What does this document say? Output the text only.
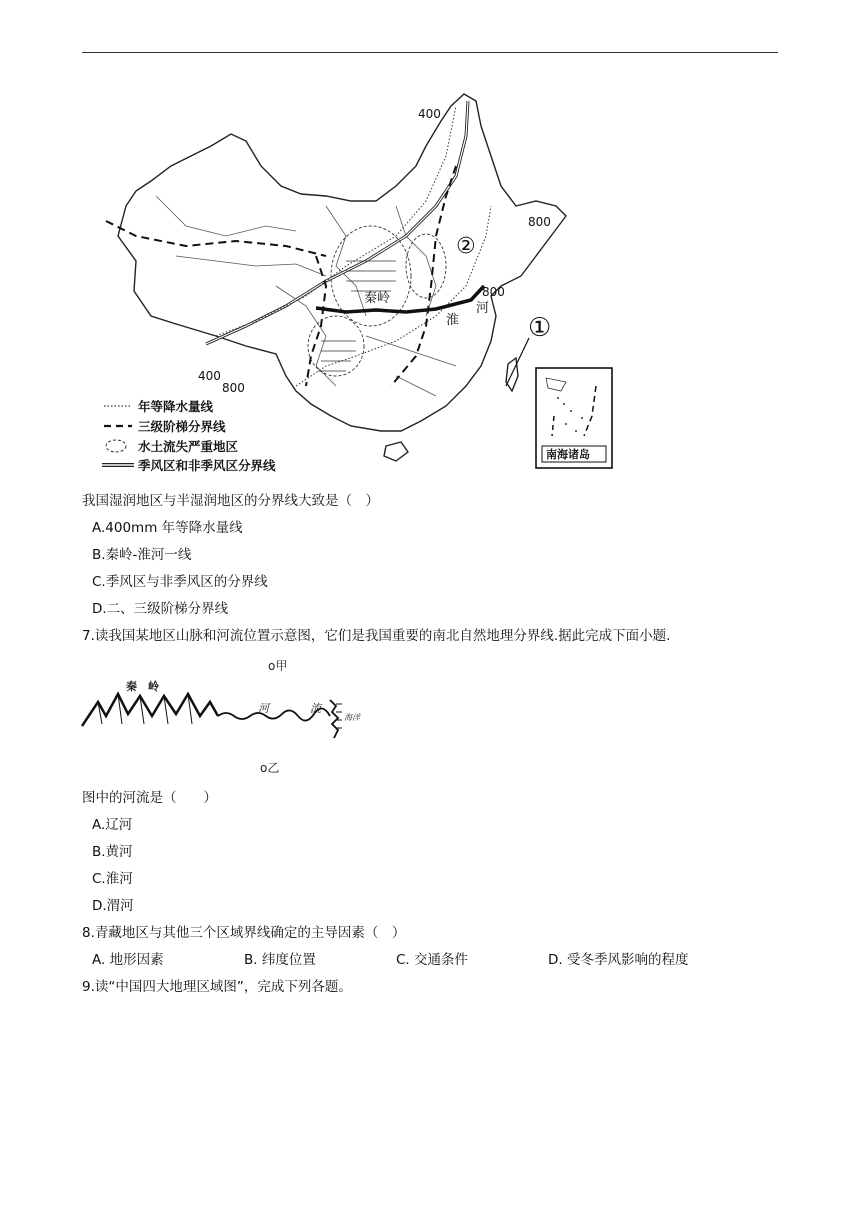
400
800
800
400
800
秦岭
淮
河
②
①
南海诸岛
年等降水量线
三级阶梯分界线
水土流失严重地区
季风区和非季风区分界线
我国湿润地区与半湿润地区的分界线大致是（　）
A.400mm 年等降水量线
B.秦岭-淮河一线
C.季风区与非季风区的分界线
D.二、三级阶梯分界线
7.读我国某地区山脉和河流位置示意图，它们是我国重要的南北自然地理分界线.据此完成下面小题.
秦　岭
河	流
海洋
o甲
o乙
图中的河流是（　　）
A.辽河
B.黄河
C.淮河
D.渭河
8.青藏地区与其他三个区域界线确定的主导因素（　）
A. 地形因素	B. 纬度位置	C. 交通条件	D. 受冬季风影响的程度
9.读“中国四大地理区域图”，完成下列各题。
